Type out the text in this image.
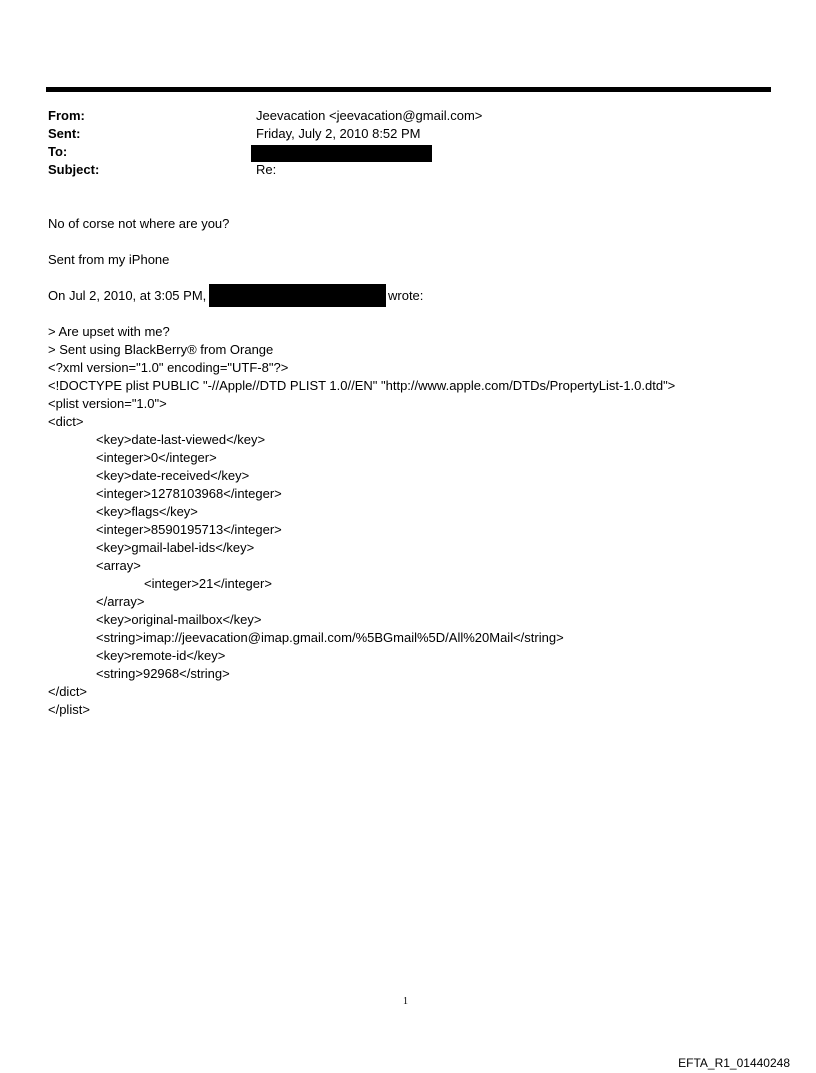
From:	Jeevacation <jeevacation@gmail.com>
Sent:	Friday, July 2, 2010 8:52 PM
To:
Subject:	Re:
No of corse not where are you?
Sent from my iPhone
On Jul 2, 2010, at 3:05 PM,	wrote:
> Are upset with me?
> Sent using BlackBerry® from Orange
<?xml version="1.0" encoding="UTF-8"?>
<!DOCTYPE plist PUBLIC "-//Apple//DTD PLIST 1.0//EN" "http://www.apple.com/DTDs/PropertyList-1.0.dtd">
<plist version="1.0">
<dict>
<key>date-last-viewed</key>
<integer>0</integer>
<key>date-received</key>
<integer>1278103968</integer>
<key>flags</key>
<integer>8590195713</integer>
<key>gmail-label-ids</key>
<array>
<integer>21</integer>
</array>
<key>original-mailbox</key>
<string>imap://jeevacation@imap.gmail.com/%5BGmail%5D/All%20Mail</string>
<key>remote-id</key>
<string>92968</string>
</dict>
</plist>
1
EFTA_R1_01440248
